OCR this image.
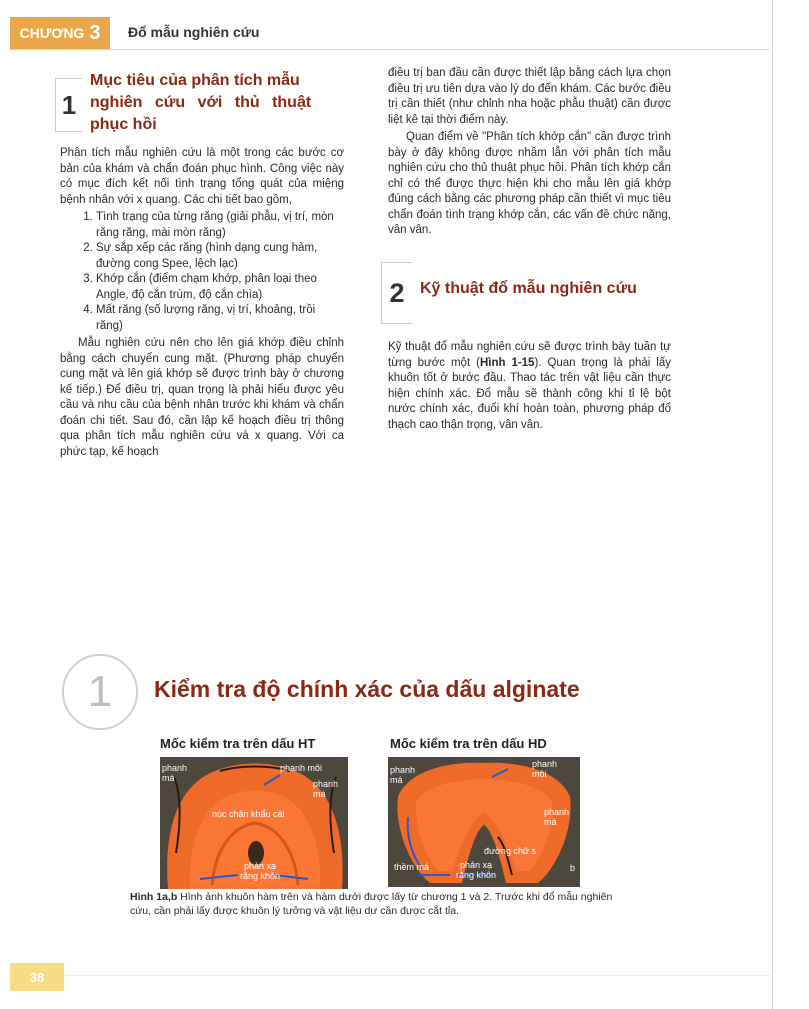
CHƯƠNG 3 Đổ mẫu nghiên cứu
1
Mục tiêu của phân tích mẫu
nghiên cứu với thủ thuật
phục hồi

Phân tích mẫu nghiên cứu là một trong các bước cơ bản của khám và chẩn đoán phục hình. Công việc này có mục đích kết nối tình trạng tổng quát của miệng bệnh nhân với x quang. Các chi tiết bao gồm,

1. Tình trạng của từng răng (giải phẫu, vị trí, mòn răng răng, mài mòn răng)
2. Sự sắp xếp các răng (hình dạng cung hàm, đường cong Spee, lệch lạc)
3. Khớp cắn (điểm chạm khớp, phân loại theo Angle, độ cắn trùm, độ cắn chìa)
4. Mất răng (số lượng răng, vị trí, khoảng, trồi răng)

Mẫu nghiên cứu nên cho lên giá khớp điều chỉnh bằng cách chuyển cung mặt. (Phương pháp chuyển cung mặt và lên giá khớp sẽ được trình bày ở chương kế tiếp.) Để điều trị, quan trọng là phải hiểu được yêu cầu và nhu cầu của bệnh nhân trước khi khám và chẩn đoán chi tiết. Sau đó, cần lập kế hoạch điều trị thông qua phân tích mẫu nghiên cứu và x quang. Với ca phức tạp, kế hoạch

điều trị ban đầu cần được thiết lập bằng cách lựa chọn điều trị ưu tiên dựa vào lý do đến khám. Các bước điều trị cần thiết (như chỉnh nha hoặc phẫu thuật) cần được liệt kê tại thời điểm này.

Quan điểm về "Phân tích khớp cắn" cần được trình bày ở đây không được nhầm lẫn với phân tích mẫu nghiên cứu cho thủ thuật phục hồi. Phân tích khớp cắn chỉ có thể được thực hiện khi cho mẫu lên giá khớp đúng cách bằng các phương pháp cần thiết vì mục tiêu chẩn đoán tình trạng khớp cắn, các vấn đề chức năng, vân vân.

2 Kỹ thuật đổ mẫu nghiên cứu

Kỹ thuật đổ mẫu nghiên cứu sẽ được trình bày tuần tự từng bước một (Hình 1-15). Quan trọng là phải lấy khuôn tốt ở bước đầu. Thao tác trên vật liệu cần thực hiện chính xác. Đổ mẫu sẽ thành công khi tỉ lệ bột nước chính xác, đuổi khí hoàn toàn, phương pháp đổ thạch cao thận trọng, vân vân.

1 Kiểm tra độ chính xác của dấu alginate
Mốc kiểm tra trên dấu HT	Mốc kiểm tra trên dấu HD
phanh
má
phanh môi
phanh
má
núc chân khẩu cái
phản xạ
răng khôn
phanh
má
phanh
môi
phanh
má
đường chữ s
thềm má	phản xạ
răng khôn
b
Hình 1a,b Hình ảnh khuôn hàm trên và hàm dưới được lấy từ chương 1 và 2. Trước khi đổ mẫu nghiên cứu, cần phải lấy được khuôn lý tưởng và vật liệu dư cần được cắt tỉa.
38
